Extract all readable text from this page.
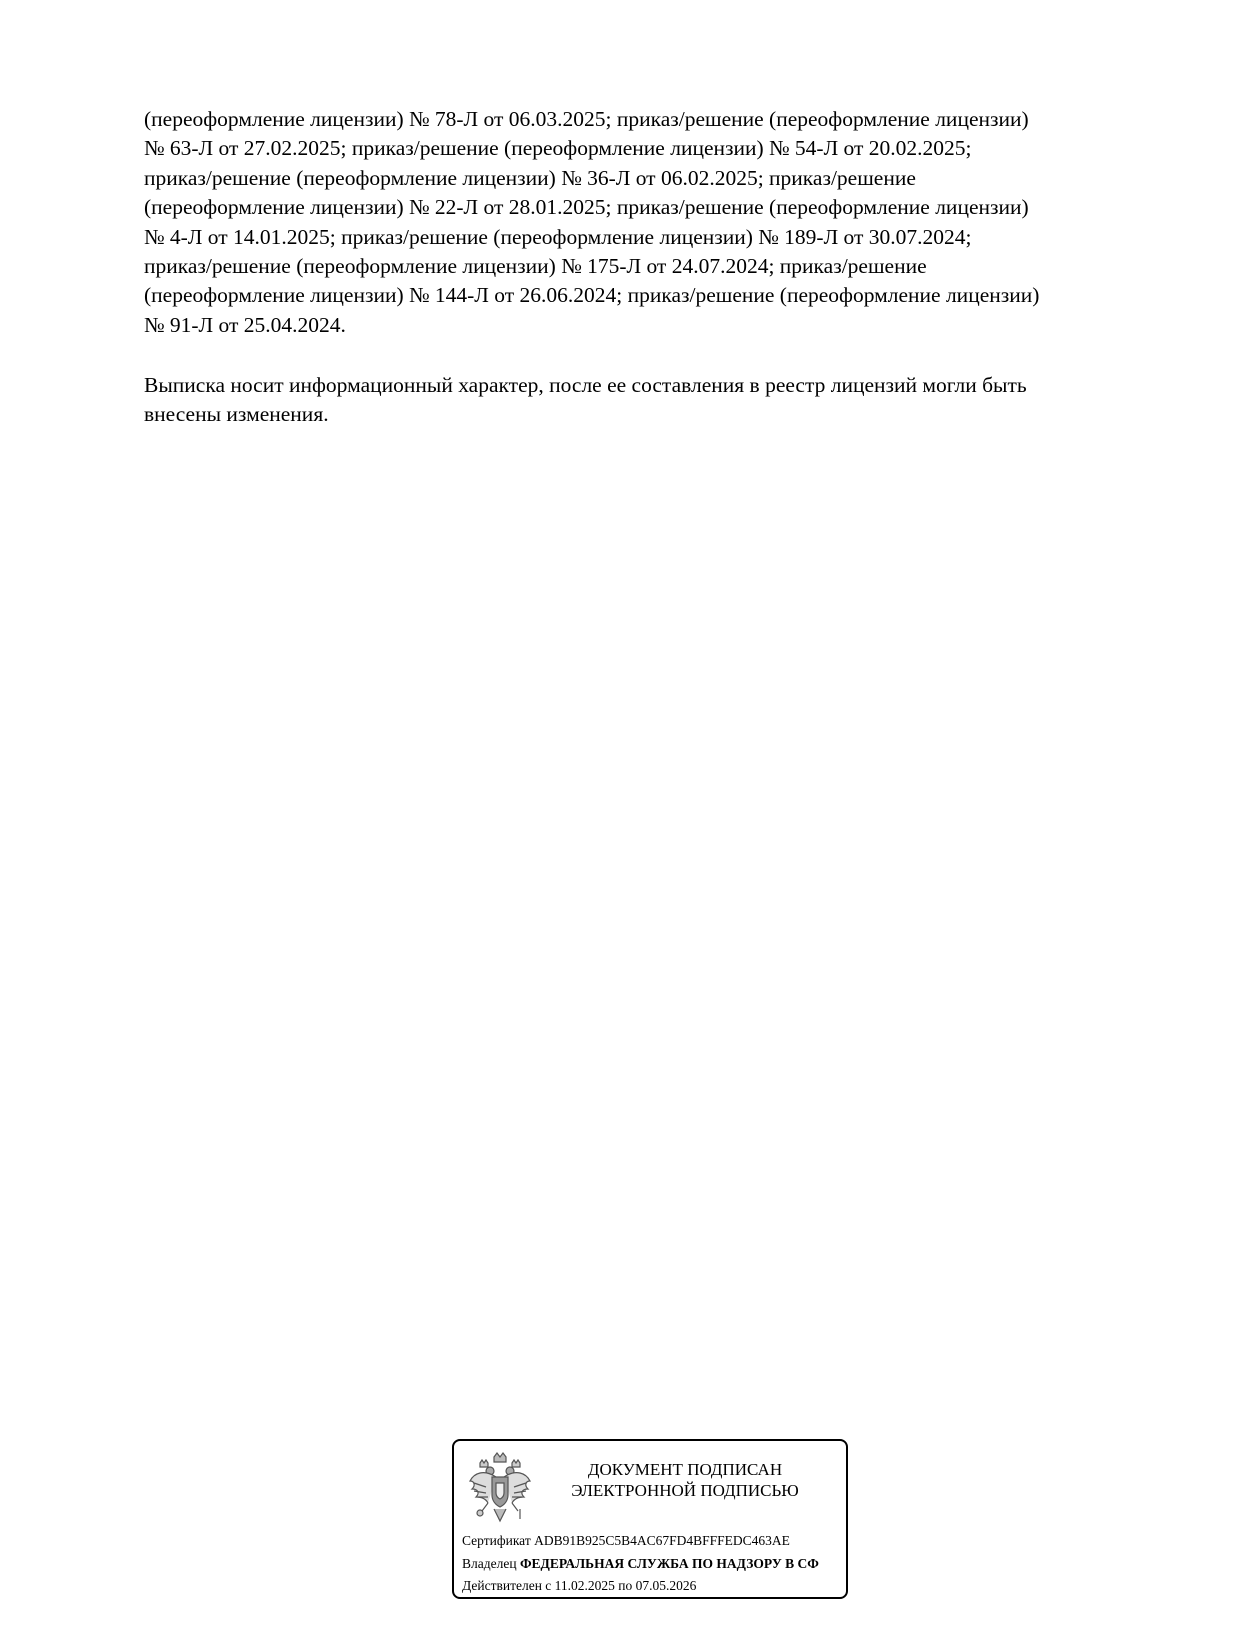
(переоформление лицензии) № 78-Л от 06.03.2025; приказ/решение (переоформление лицензии)
№ 63-Л от 27.02.2025; приказ/решение (переоформление лицензии) № 54-Л от 20.02.2025;
приказ/решение (переоформление лицензии) № 36-Л от 06.02.2025; приказ/решение
(переоформление лицензии) № 22-Л от 28.01.2025; приказ/решение (переоформление лицензии)
№ 4-Л от 14.01.2025; приказ/решение (переоформление лицензии) № 189-Л от 30.07.2024;
приказ/решение (переоформление лицензии) № 175-Л от 24.07.2024; приказ/решение
(переоформление лицензии) № 144-Л от 26.06.2024; приказ/решение (переоформление лицензии)
№ 91-Л от 25.04.2024.

Выписка носит информационный характер, после ее составления в реестр лицензий могли быть
внесены изменения.

ДОКУМЕНТ ПОДПИСАН
ЭЛЕКТРОННОЙ ПОДПИСЬЮ
Сертификат ADB91B925C5B4AC67FD4BFFFEDC463AE
Владелец ФЕДЕРАЛЬНАЯ СЛУЖБА ПО НАДЗОРУ В СФ
Действителен с 11.02.2025 по 07.05.2026
